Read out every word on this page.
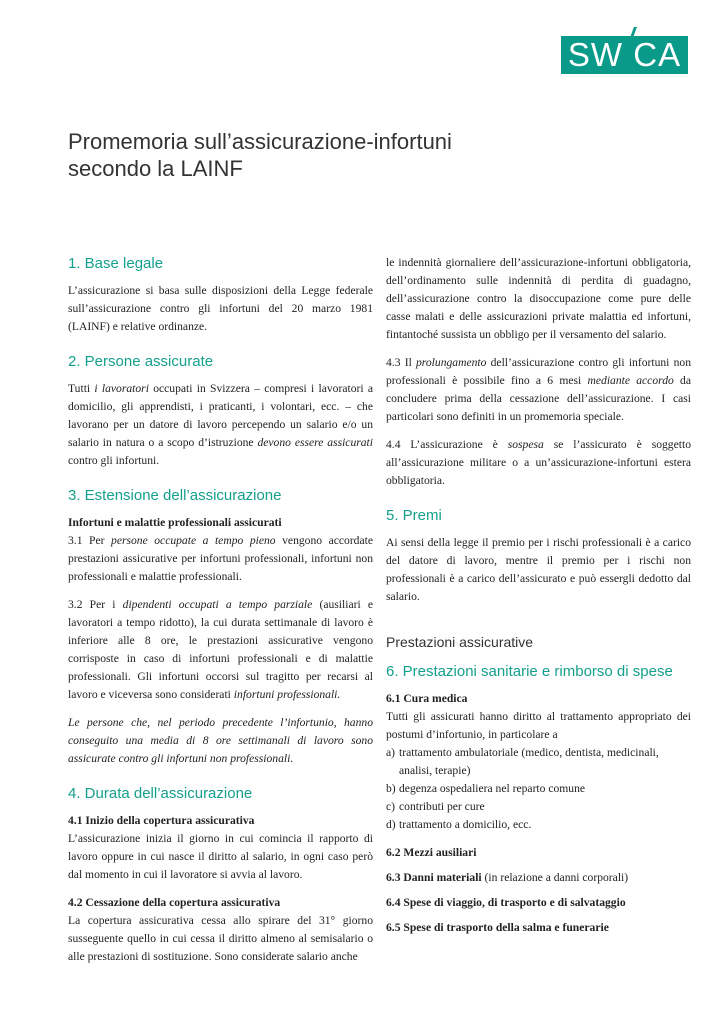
SW CA
Promemoria sull’assicurazione-infortuni
secondo la LAINF
1. Base legale

L’assicurazione si basa sulle disposizioni della Legge federale sull’assicurazione contro gli infortuni del 20 marzo 1981 (LAINF) e relative ordinanze.

2. Persone assicurate

Tutti i lavoratori occupati in Svizzera – compresi i lavoratori a domicilio, gli apprendisti, i praticanti, i volontari, ecc. – che lavorano per un datore di lavoro percependo un salario e/o un salario in natura o a scopo d’istruzione devono essere assicurati contro gli infortuni.

3. Estensione dell’assicurazione

Infortuni e malattie professionali assicurati

3.1 Per persone occupate a tempo pieno vengono accordate prestazioni assicurative per infortuni professionali, infortuni non professionali e malattie professionali.

3.2 Per i dipendenti occupati a tempo parziale (ausiliari e lavoratori a tempo ridotto), la cui durata settimanale di lavoro è inferiore alle 8 ore, le prestazioni assicurative vengono corrisposte in caso di infortuni professionali e di malattie professionali. Gli infortuni occorsi sul tragitto per recarsi al lavoro e viceversa sono considerati infortuni professionali.

Le persone che, nel periodo precedente l’infortunio, hanno conseguito una media di 8 ore settimanali di lavoro sono assicurate contro gli infortuni non professionali.

4. Durata dell’assicurazione

4.1 Inizio della copertura assicurativa

L’assicurazione inizia il giorno in cui comincia il rapporto di lavoro oppure in cui nasce il diritto al salario, in ogni caso però dal momento in cui il lavoratore si avvia al lavoro.

4.2 Cessazione della copertura assicurativa

La copertura assicurativa cessa allo spirare del 31° giorno susseguente quello in cui cessa il diritto almeno al semisalario o alle prestazioni di sostituzione. Sono considerate salario anche

le indennità giornaliere dell’assicurazione-infortuni obbligatoria, dell’ordinamento sulle indennità di perdita di guadagno, dell’assicurazione contro la disoccupazione come pure delle casse malati e delle assicurazioni private malattia ed infortuni, fintantoché sussista un obbligo per il versamento del salario.

4.3 Il prolungamento dell’assicurazione contro gli infortuni non professionali è possibile fino a 6 mesi mediante accordo da concludere prima della cessazione dell’assicurazione. I casi particolari sono definiti in un promemoria speciale.

4.4 L’assicurazione è sospesa se l’assicurato è soggetto all’assicurazione militare o a un’assicurazione-infortuni estera obbligatoria.

5. Premi

Ai sensi della legge il premio per i rischi professionali è a carico del datore di lavoro, mentre il premio per i rischi non professionali è a carico dell’assicurato e può essergli dedotto dal salario.

Prestazioni assicurative
6. Prestazioni sanitarie e rimborso di spese

6.1 Cura medica

Tutti gli assicurati hanno diritto al trattamento appropriato dei postumi d’infortunio, in particolare a

a) trattamento ambulatoriale (medico, dentista, medicinali, analisi, terapie)
b) degenza ospedaliera nel reparto comune
c) contributi per cure
d) trattamento a domicilio, ecc.

6.2 Mezzi ausiliari

6.3 Danni materiali (in relazione a danni corporali)

6.4 Spese di viaggio, di trasporto e di salvataggio

6.5 Spese di trasporto della salma e funerarie
